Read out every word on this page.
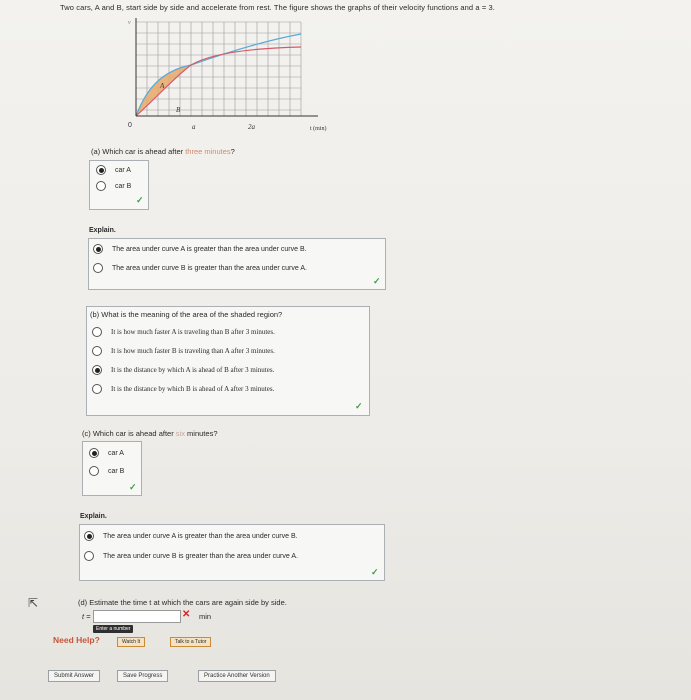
Two cars, A and B, start side by side and accelerate from rest. The figure shows the graphs of their velocity functions and a = 3.
v
A
B
0	a	2a	t (min)
(a) Which car is ahead after three minutes?
car A
car B
✓
Explain.
The area under curve A is greater than the area under curve B.
The area under curve B is greater than the area under curve A.
✓
(b) What is the meaning of the area of the shaded region?
It is how much faster A is traveling than B after 3 minutes.
It is how much faster B is traveling than A after 3 minutes.
It is the distance by which A is ahead of B after 3 minutes.
It is the distance by which B is ahead of A after 3 minutes.
✓
(c) Which car is ahead after six minutes?
car A
car B
✓
Explain.
The area under curve A is greater than the area under curve B.
The area under curve B is greater than the area under curve A.
✓
(d) Estimate the time t at which the cars are again side by side.
⇱
t =	✕ min
Enter a number
Need Help?	Watch It	Talk to a Tutor
Submit Answer	Save Progress	Practice Another Version
